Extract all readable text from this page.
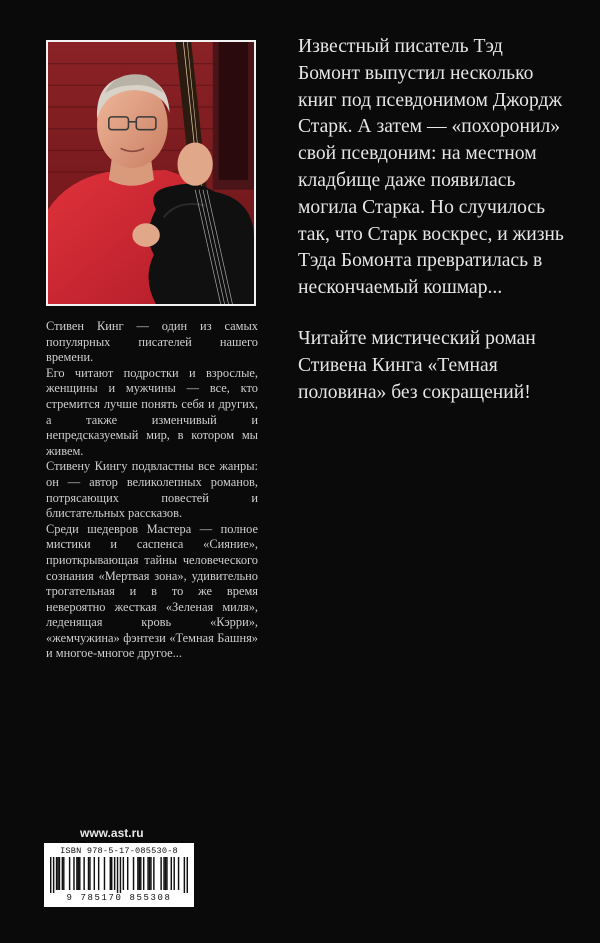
Стивен Кинг — один из самых популярных писателей нашего времени.

Его читают подростки и взрослые, женщины и мужчины — все, кто стремится лучше понять себя и других, а также изменчивый и непредсказуемый мир, в котором мы живем.

Стивену Кингу подвластны все жанры: он — автор великолепных романов, потрясающих повестей и блистательных рассказов.

Среди шедевров Мастера — полное мистики и саспенса «Сияние», приоткрывающая тайны человеческого сознания «Мертвая зона», удивительно трогательная и в то же время невероятно жесткая «Зеленая миля», леденящая кровь «Кэрри», «жемчужина» фэнтези «Темная Башня» и многое-многое другое...

Известный писатель Тэд Бомонт выпустил несколько книг под псевдонимом Джордж Старк. А затем — «похоронил» свой псевдоним: на местном кладбище даже появилась могила Старка. Но случилось так, что Старк воскрес, и жизнь Тэда Бомонта превратилась в нескончаемый кошмар...

Читайте мистический роман Стивена Кинга «Темная половина» без сокращений!

www.ast.ru
ISBN 978-5-17-085530-8
9 785170 855308
